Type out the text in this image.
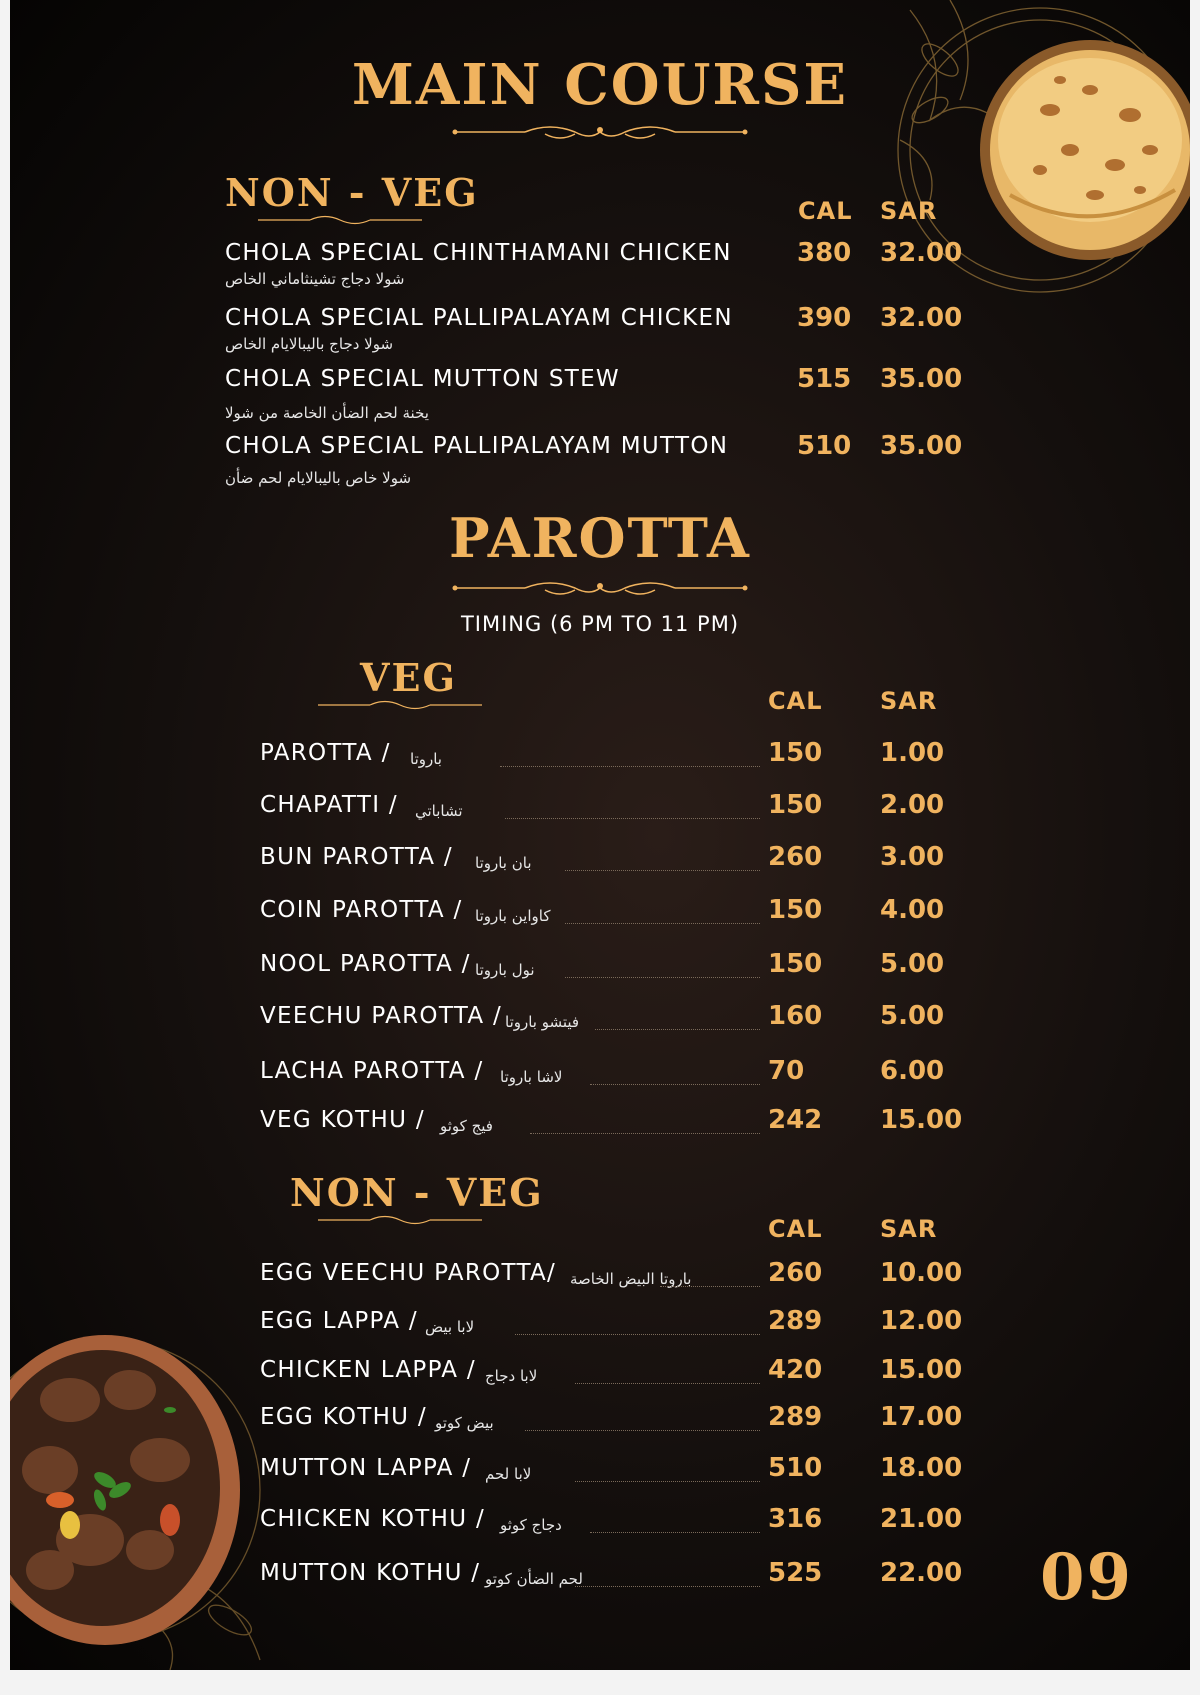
MAIN COURSE
NON - VEG	CAL SAR
CHOLA SPECIAL CHINTHAMANI CHICKEN
شولا دجاج تشينثاماني الخاص
380 32.00
CHOLA SPECIAL PALLIPALAYAM CHICKEN
شولا دجاج باليبالايام الخاص
390 32.00
CHOLA SPECIAL MUTTON STEW
يخنة لحم الضأن الخاصة من شولا
515 35.00
CHOLA SPECIAL PALLIPALAYAM MUTTON
شولا خاص باليبالايام لحم ضأن
510 35.00
PAROTTA / باروتا	150 1.00
CHAPATTI / تشاباتي	150 2.00
BUN PAROTTA / بان باروتا	260 3.00
COIN PAROTTA / كاواين باروتا	150 4.00
NOOL PAROTTA / نول باروتا	150 5.00
VEECHU PAROTTA / فيتشو باروتا	160 5.00
LACHA PAROTTA / لاشا باروتا	70	6.00
VEG KOTHU / فيج كوثو	242 15.00
EGG VEECHU PAROTTA/ باروتا البيض الخاصة	260 10.00
EGG LAPPA / لابا بيض	289 12.00
CHICKEN LAPPA / لابا دجاج	420 15.00
EGG KOTHU / بيض كوتو	289 17.00
MUTTON LAPPA / لابا لحم	510 18.00
CHICKEN KOTHU / دجاج كوثو	316 21.00
MUTTON KOTHU / لحم الضأن كوتو	525 22.00
PAROTTA
TIMING (6 PM TO 11 PM)
VEG
CAL SAR
NON - VEG
CAL SAR
09
